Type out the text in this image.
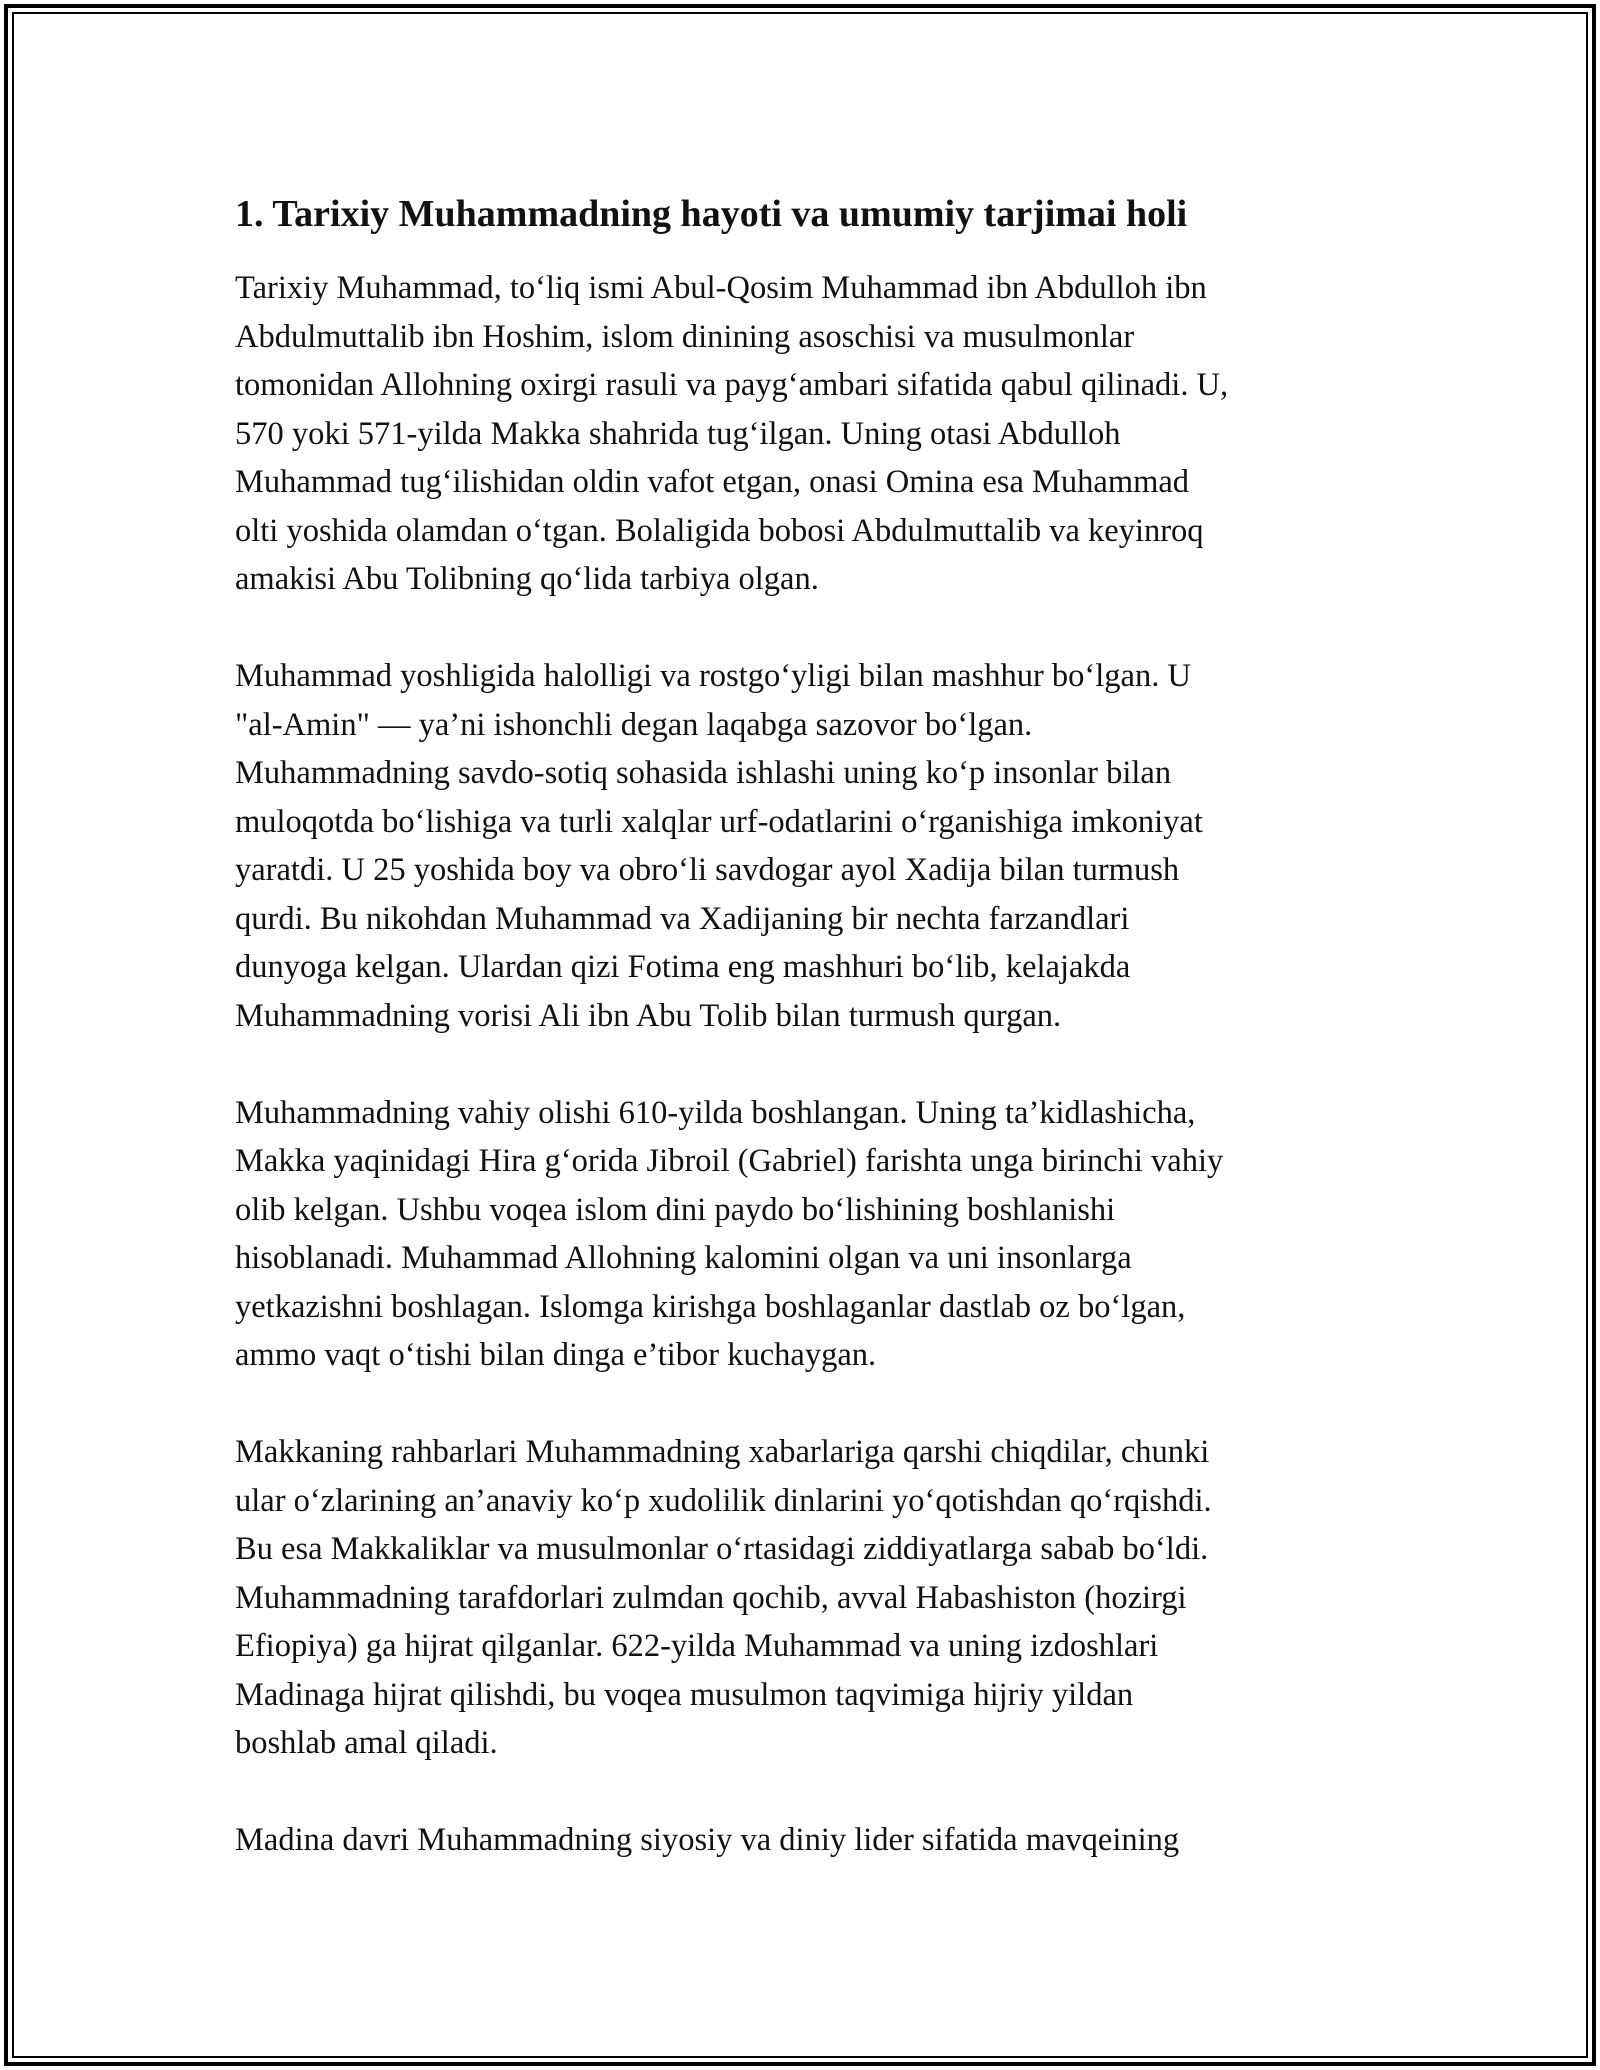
1. Tarixiy Muhammadning hayoti va umumiy tarjimai holi

Tarixiy Muhammad, to‘liq ismi Abul-Qosim Muhammad ibn Abdulloh ibn
Abdulmuttalib ibn Hoshim, islom dinining asoschisi va musulmonlar
tomonidan Allohning oxirgi rasuli va payg‘ambari sifatida qabul qilinadi. U,
570 yoki 571-yilda Makka shahrida tug‘ilgan. Uning otasi Abdulloh
Muhammad tug‘ilishidan oldin vafot etgan, onasi Omina esa Muhammad
olti yoshida olamdan o‘tgan. Bolaligida bobosi Abdulmuttalib va keyinroq
amakisi Abu Tolibning qo‘lida tarbiya olgan.

Muhammad yoshligida halolligi va rostgo‘yligi bilan mashhur bo‘lgan. U
"al-Amin" — ya’ni ishonchli degan laqabga sazovor bo‘lgan.
Muhammadning savdo-sotiq sohasida ishlashi uning ko‘p insonlar bilan
muloqotda bo‘lishiga va turli xalqlar urf-odatlarini o‘rganishiga imkoniyat
yaratdi. U 25 yoshida boy va obro‘li savdogar ayol Xadija bilan turmush
qurdi. Bu nikohdan Muhammad va Xadijaning bir nechta farzandlari
dunyoga kelgan. Ulardan qizi Fotima eng mashhuri bo‘lib, kelajakda
Muhammadning vorisi Ali ibn Abu Tolib bilan turmush qurgan.

Muhammadning vahiy olishi 610-yilda boshlangan. Uning ta’kidlashicha,
Makka yaqinidagi Hira g‘orida Jibroil (Gabriel) farishta unga birinchi vahiy
olib kelgan. Ushbu voqea islom dini paydo bo‘lishining boshlanishi
hisoblanadi. Muhammad Allohning kalomini olgan va uni insonlarga
yetkazishni boshlagan. Islomga kirishga boshlaganlar dastlab oz bo‘lgan,
ammo vaqt o‘tishi bilan dinga e’tibor kuchaygan.

Makkaning rahbarlari Muhammadning xabarlariga qarshi chiqdilar, chunki
ular o‘zlarining an’anaviy ko‘p xudolilik dinlarini yo‘qotishdan qo‘rqishdi.
Bu esa Makkaliklar va musulmonlar o‘rtasidagi ziddiyatlarga sabab bo‘ldi.
Muhammadning tarafdorlari zulmdan qochib, avval Habashiston (hozirgi
Efiopiya) ga hijrat qilganlar. 622-yilda Muhammad va uning izdoshlari
Madinaga hijrat qilishdi, bu voqea musulmon taqvimiga hijriy yildan
boshlab amal qiladi.

Madina davri Muhammadning siyosiy va diniy lider sifatida mavqeining
